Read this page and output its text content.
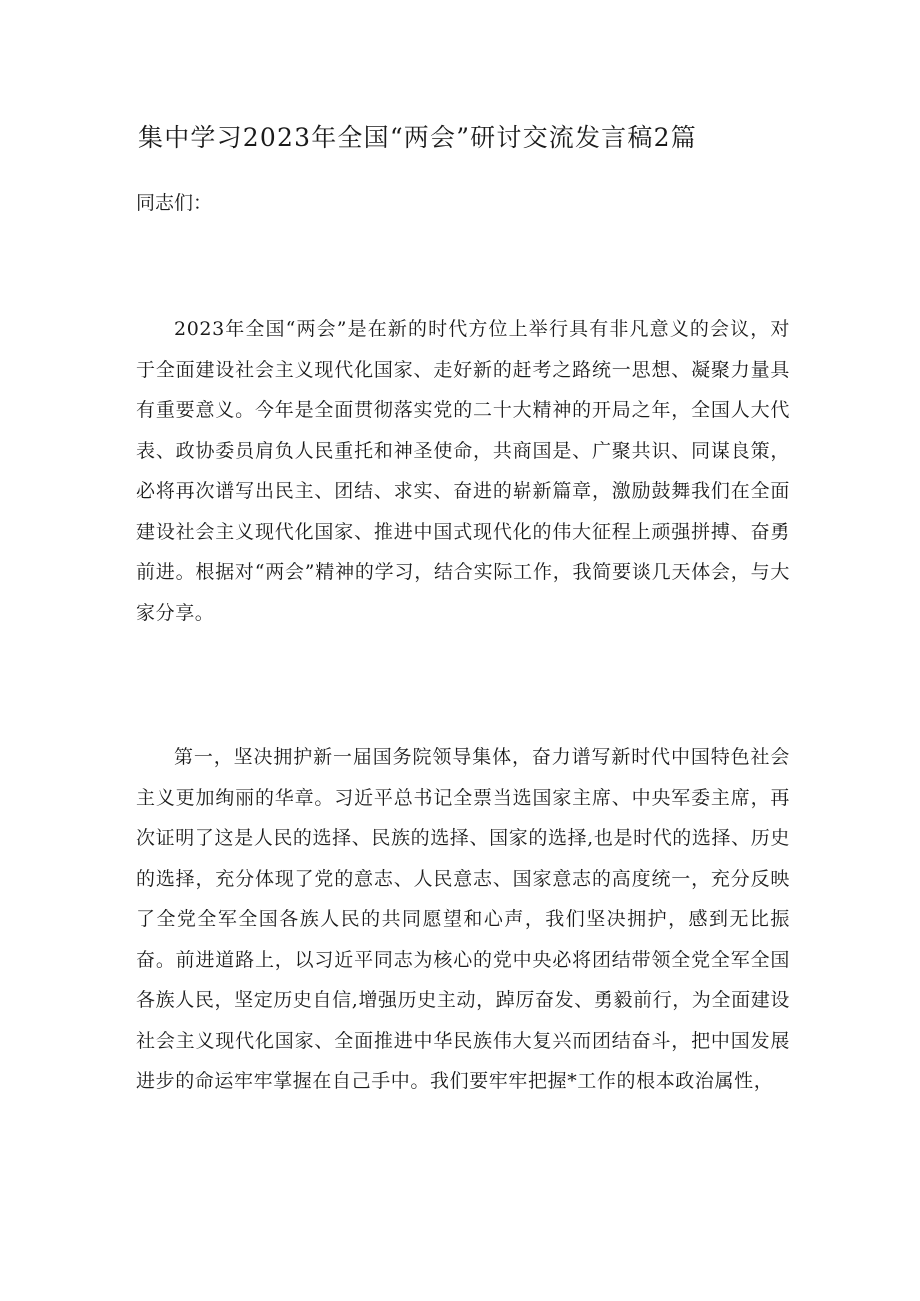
集中学习2023年全国“两会”研讨交流发言稿2篇

同志们：

2023年全国“两会”是在新的时代方位上举行具有非凡意义的会议，对于全面建设社会主义现代化国家、走好新的赶考之路统一思想、凝聚力量具有重要意义。今年是全面贯彻落实党的二十大精神的开局之年，全国人大代表、政协委员肩负人民重托和神圣使命，共商国是、广聚共识、同谋良策，必将再次谱写出民主、团结、求实、奋进的崭新篇章，激励鼓舞我们在全面建设社会主义现代化国家、推进中国式现代化的伟大征程上顽强拼搏、奋勇前进。根据对“两会”精神的学习，结合实际工作，我简要谈几天体会，与大家分享。

第一，坚决拥护新一届国务院领导集体，奋力谱写新时代中国特色社会主义更加绚丽的华章。习近平总书记全票当选国家主席、中央军委主席，再次证明了这是人民的选择、民族的选择、国家的选择,也是时代的选择、历史的选择，充分体现了党的意志、人民意志、国家意志的高度统一，充分反映了全党全军全国各族人民的共同愿望和心声，我们坚决拥护，感到无比振奋。前进道路上，以习近平同志为核心的党中央必将团结带领全党全军全国各族人民，坚定历史自信,增强历史主动，踔厉奋发、勇毅前行，为全面建设社会主义现代化国家、全面推进中华民族伟大复兴而团结奋斗，把中国发展进步的命运牢牢掌握在自己手中。我们要牢牢把握*工作的根本政治属性，
